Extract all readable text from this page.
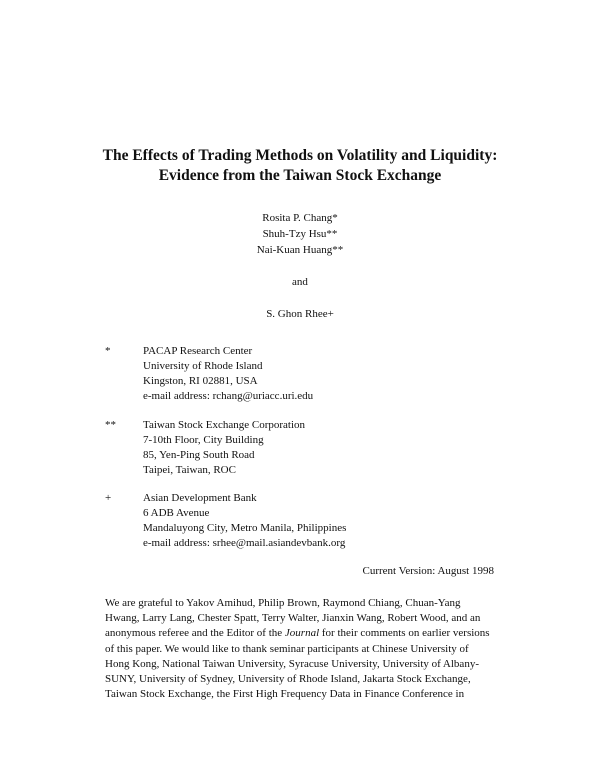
The Effects of Trading Methods on Volatility and Liquidity:
Evidence from the Taiwan Stock Exchange
Rosita P. Chang*
Shuh-Tzy Hsu**
Nai-Kuan Huang**
and
S. Ghon Rhee+
*	PACAP Research Center
University of Rhode Island
Kingston, RI 02881, USA
e-mail address: rchang@uriacc.uri.edu
** Taiwan Stock Exchange Corporation
7-10th Floor, City Building
85, Yen-Ping South Road
Taipei, Taiwan, ROC
+	Asian Development Bank
6 ADB Avenue
Mandaluyong City, Metro Manila, Philippines
e-mail address: srhee@mail.asiandevbank.org
Current Version: August 1998
We are grateful to Yakov Amihud, Philip Brown, Raymond Chiang, Chuan-Yang
Hwang, Larry Lang, Chester Spatt, Terry Walter, Jianxin Wang, Robert Wood, and an
anonymous referee and the Editor of the Journal for their comments on earlier versions
of this paper. We would like to thank seminar participants at Chinese University of
Hong Kong, National Taiwan University, Syracuse University, University of Albany-
SUNY, University of Sydney, University of Rhode Island, Jakarta Stock Exchange,
Taiwan Stock Exchange, the First High Frequency Data in Finance Conference in
